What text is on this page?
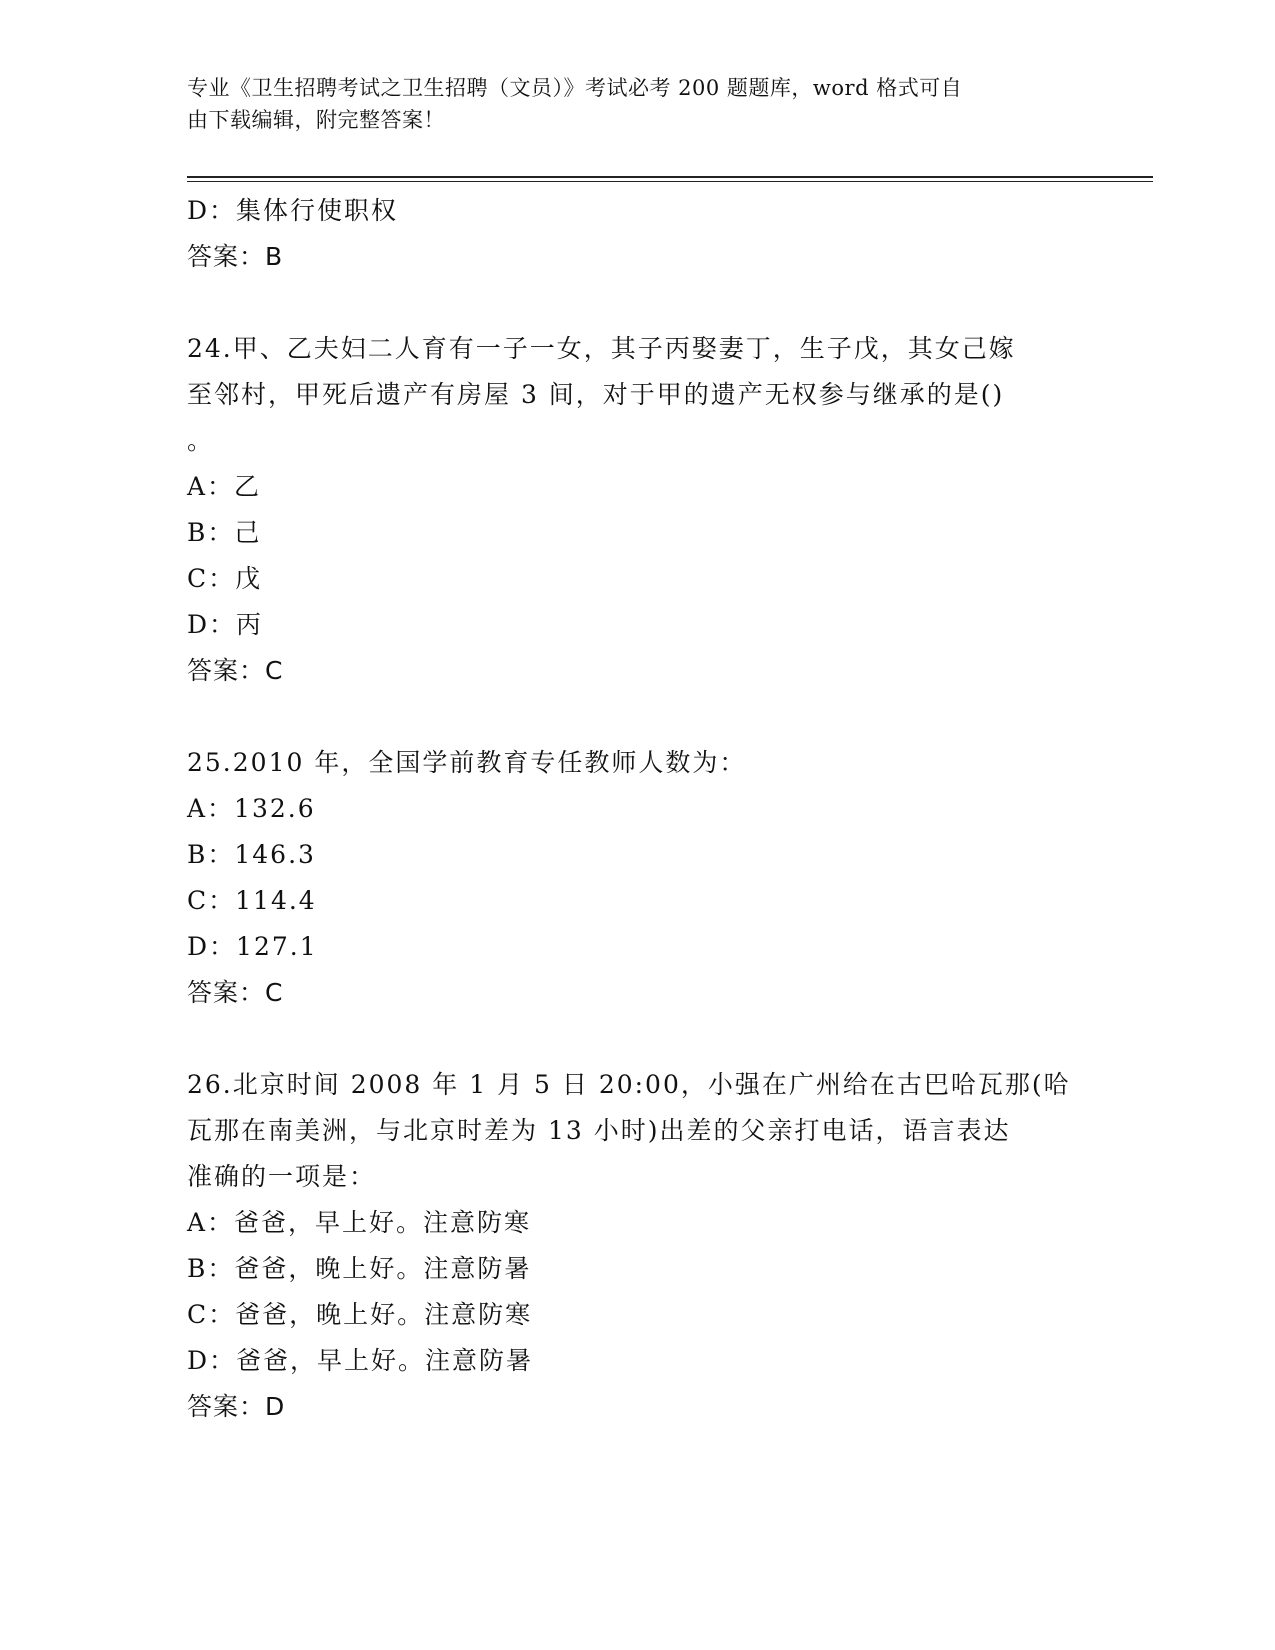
专业《卫生招聘考试之卫生招聘（文员）》考试必考 200 题题库，word 格式可自
由下载编辑，附完整答案！
D：集体行使职权
答案：B
24.甲、乙夫妇二人育有一子一女，其子丙娶妻丁，生子戊，其女己嫁
至邻村，甲死后遗产有房屋 3 间，对于甲的遗产无权参与继承的是()
。
A：乙
B：己
C：戊
D：丙
答案：C
25.2010 年，全国学前教育专任教师人数为：
A：132.6
B：146.3
C：114.4
D：127.1
答案：C
26.北京时间 2008 年 1 月 5 日 20:00，小强在广州给在古巴哈瓦那(哈
瓦那在南美洲，与北京时差为 13 小时)出差的父亲打电话，语言表达
准确的一项是：
A：爸爸，早上好。注意防寒
B：爸爸，晚上好。注意防暑
C：爸爸，晚上好。注意防寒
D：爸爸，早上好。注意防暑
答案：D
